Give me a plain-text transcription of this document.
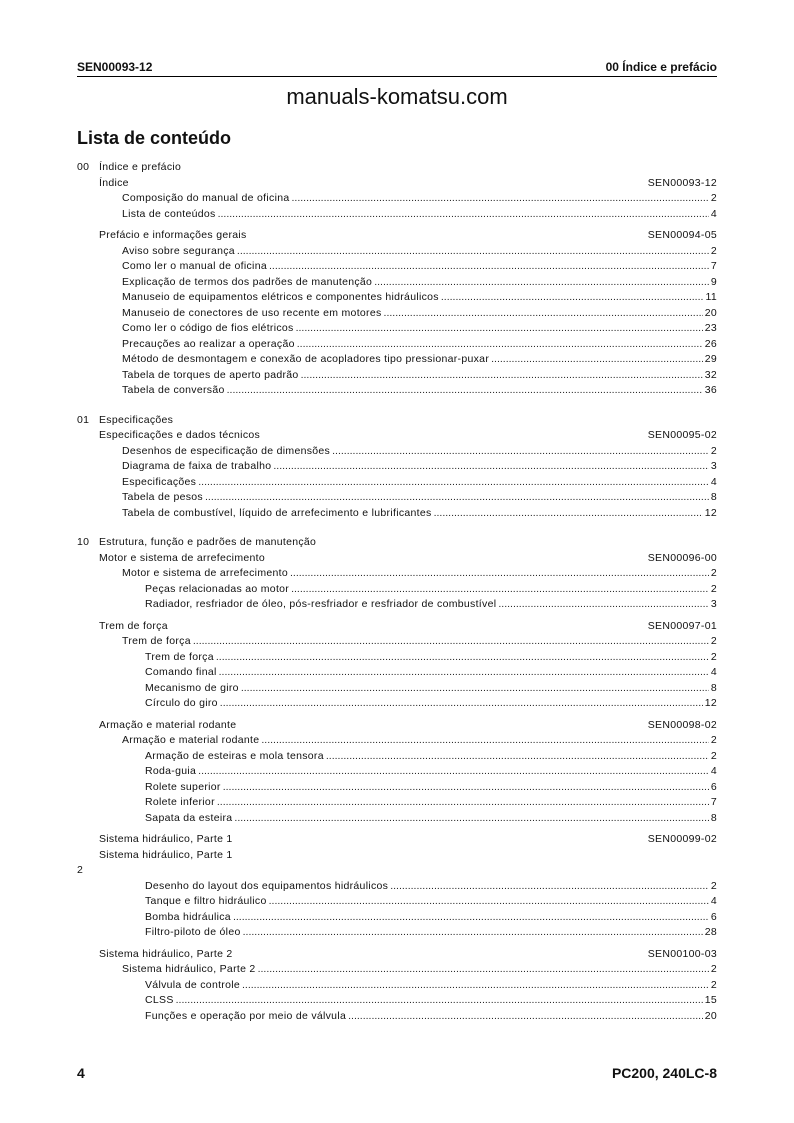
SEN00093-12	00 Índice e prefácio
manuals-komatsu.com
Lista de conteúdo
00 Índice e prefácio
Índice	SEN00093-12
Composição do manual de oficina .....	2
Lista de conteúdos .....	4
Prefácio e informações gerais	SEN00094-05
Aviso sobre segurança .....	2
Como ler o manual de oficina .....	7
Explicação de termos dos padrões de manutenção .....	9
Manuseio de equipamentos elétricos e componentes hidráulicos .....	11
Manuseio de conectores de uso recente em motores .....	20
Como ler o código de fios elétricos .....	23
Precauções ao realizar a operação .....	26
Método de desmontagem e conexão de acopladores tipo pressionar-puxar .....	29
Tabela de torques de aperto padrão .....	32
Tabela de conversão .....	36
01 Especificações
Especificações e dados técnicos	SEN00095-02
Desenhos de especificação de dimensões .....	2
Diagrama de faixa de trabalho .....	3
Especificações .....	4
Tabela de pesos .....	8
Tabela de combustível, líquido de arrefecimento e lubrificantes .....	12
10 Estrutura, função e padrões de manutenção
Motor e sistema de arrefecimento	SEN00096-00
Motor e sistema de arrefecimento .....	2
Peças relacionadas ao motor .....	2
Radiador, resfriador de óleo, pós-resfriador e resfriador de combustível .....	3
Trem de força	SEN00097-01
Trem de força .....	2
Trem de força .....	2
Comando final .....	4
Mecanismo de giro .....	8
Círculo do giro .....	12
Armação e material rodante	SEN00098-02
Armação e material rodante .....	2
Armação de esteiras e mola tensora .....	2
Roda-guia .....	4
Rolete superior .....	6
Rolete inferior .....	7
Sapata da esteira .....	8
Sistema hidráulico, Parte 1	SEN00099-02
Sistema hidráulico, Parte 1
2
Desenho do layout dos equipamentos hidráulicos .....	2
Tanque e filtro hidráulico .....	4
Bomba hidráulica .....	6
Filtro-piloto de óleo .....	28
Sistema hidráulico, Parte 2	SEN00100-03
Sistema hidráulico, Parte 2 .....	2
Válvula de controle .....	2
CLSS .....	15
Funções e operação por meio de válvula .....	20
4	PC200, 240LC-8
